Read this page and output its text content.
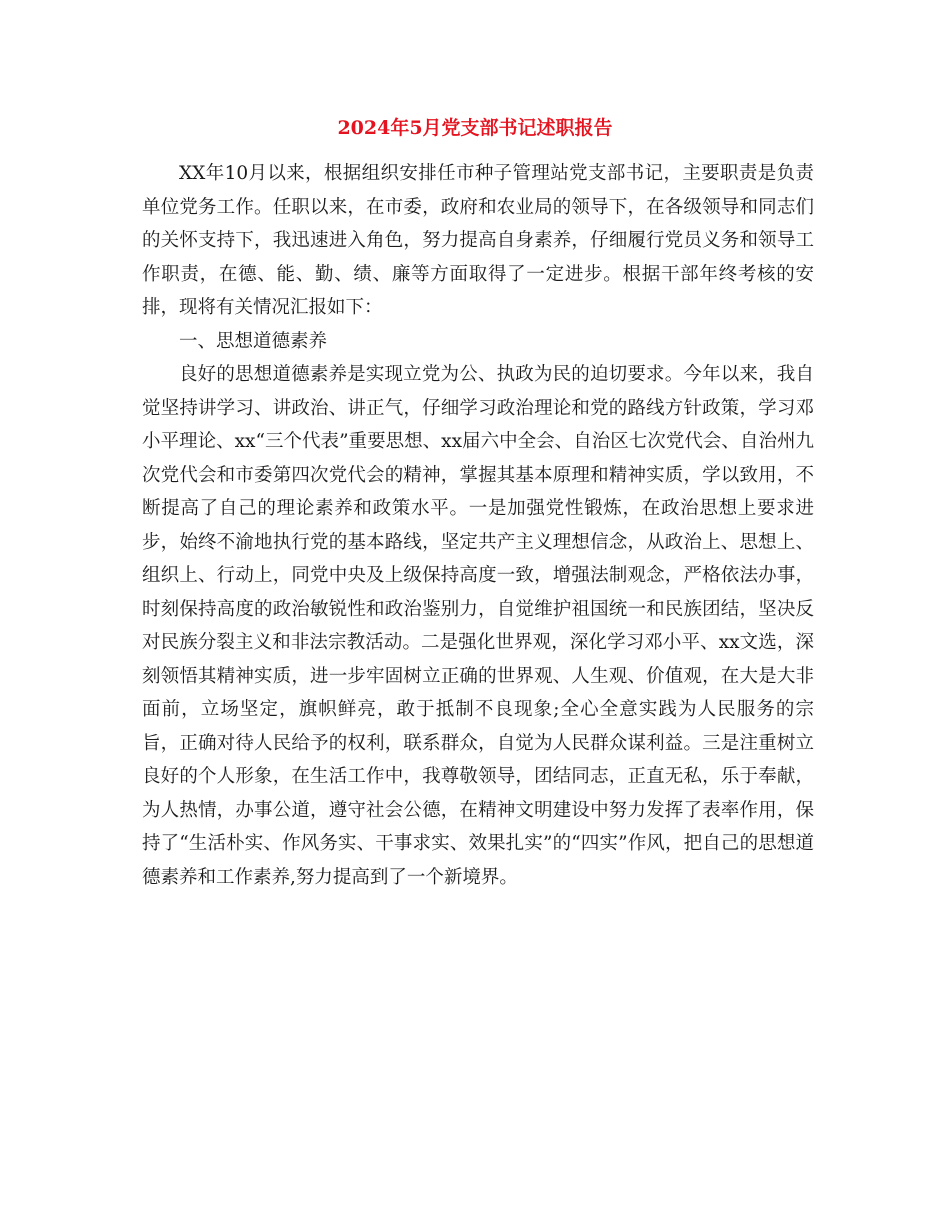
2024年5月党支部书记述职报告

XX年10月以来，根据组织安排任市种子管理站党支部书记，主要职责是负责单位党务工作。任职以来，在市委，政府和农业局的领导下，在各级领导和同志们的关怀支持下，我迅速进入角色，努力提高自身素养，仔细履行党员义务和领导工作职责，在德、能、勤、绩、廉等方面取得了一定进步。根据干部年终考核的安排，现将有关情况汇报如下：

一、思想道德素养

良好的思想道德素养是实现立党为公、执政为民的迫切要求。今年以来，我自觉坚持讲学习、讲政治、讲正气，仔细学习政治理论和党的路线方针政策，学习邓小平理论、xx“三个代表”重要思想、xx届六中全会、自治区七次党代会、自治州九次党代会和市委第四次党代会的精神，掌握其基本原理和精神实质，学以致用，不断提高了自己的理论素养和政策水平。一是加强党性锻炼，在政治思想上要求进步，始终不渝地执行党的基本路线，坚定共产主义理想信念，从政治上、思想上、组织上、行动上，同党中央及上级保持高度一致，增强法制观念，严格依法办事，时刻保持高度的政治敏锐性和政治鉴别力，自觉维护祖国统一和民族团结，坚决反对民族分裂主义和非法宗教活动。二是强化世界观，深化学习邓小平、xx文选，深刻领悟其精神实质，进一步牢固树立正确的世界观、人生观、价值观，在大是大非面前，立场坚定，旗帜鲜亮，敢于抵制不良现象;全心全意实践为人民服务的宗旨，正确对待人民给予的权利，联系群众，自觉为人民群众谋利益。三是注重树立良好的个人形象，在生活工作中，我尊敬领导，团结同志，正直无私，乐于奉献，为人热情，办事公道，遵守社会公德，在精神文明建设中努力发挥了表率作用，保持了“生活朴实、作风务实、干事求实、效果扎实”的“四实”作风，把自己的思想道德素养和工作素养,努力提高到了一个新境界。
